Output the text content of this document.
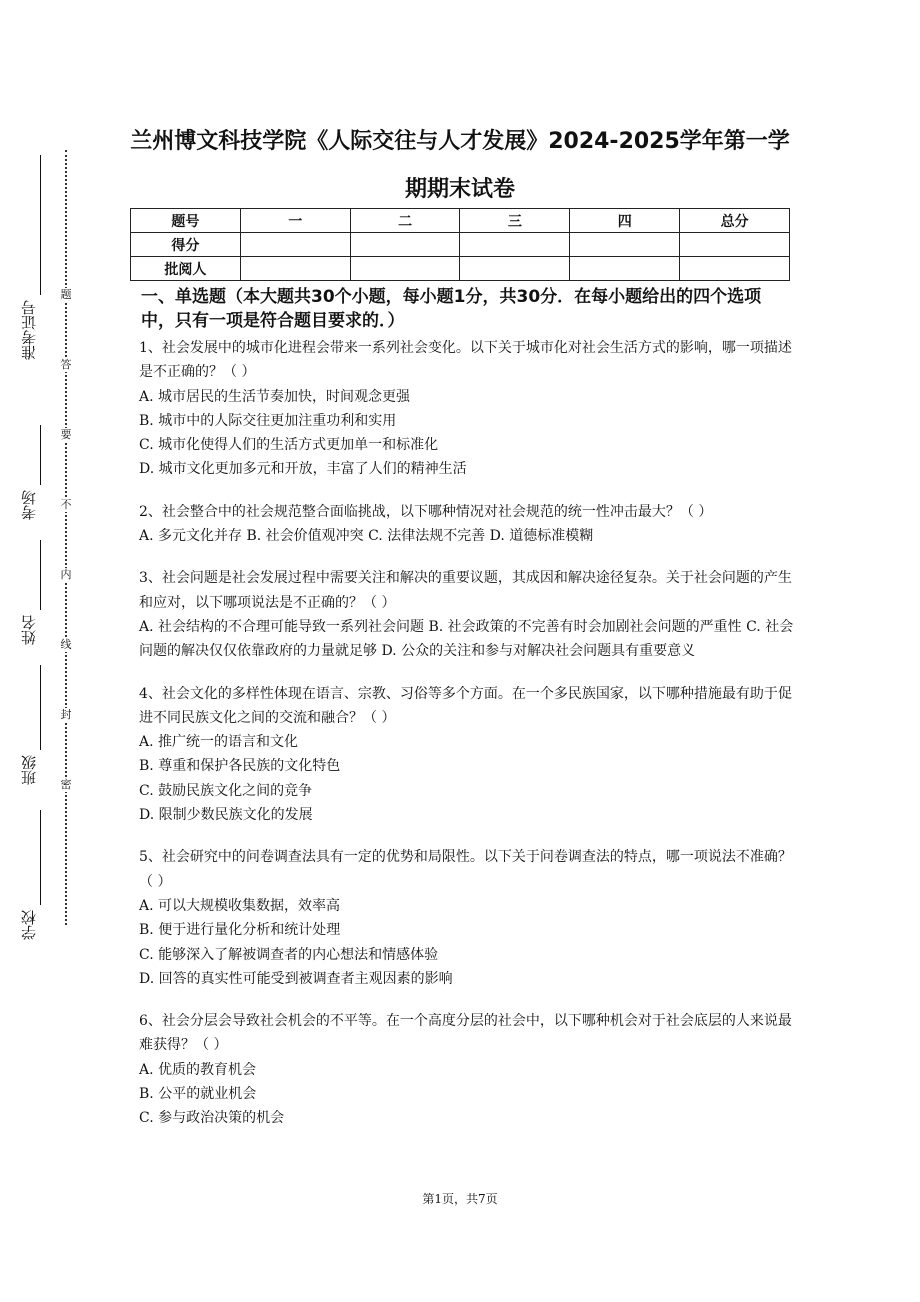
准考证号
考场
姓名
班级
学校
题
答
要
不
内
线
封
密
兰州博文科技学院《人际交往与人才发展》2024-2025学年第一学
期期末试卷
题号	一	二	三	四	总分
得分					
批阅人					
一、单选题（本大题共30个小题，每小题1分，共30分．在每小题给出的四个选项中，只有一项是符合题目要求的．）

1、社会发展中的城市化进程会带来一系列社会变化。以下关于城市化对社会生活方式的影响，哪一项描述是不正确的？（ ）

A. 城市居民的生活节奏加快，时间观念更强

B. 城市中的人际交往更加注重功利和实用

C. 城市化使得人们的生活方式更加单一和标准化

D. 城市文化更加多元和开放，丰富了人们的精神生活

2、社会整合中的社会规范整合面临挑战，以下哪种情况对社会规范的统一性冲击最大？（ ）

A. 多元文化并存 B. 社会价值观冲突 C. 法律法规不完善 D. 道德标准模糊

3、社会问题是社会发展过程中需要关注和解决的重要议题，其成因和解决途径复杂。关于社会问题的产生和应对，以下哪项说法是不正确的？（ ）

A. 社会结构的不合理可能导致一系列社会问题 B. 社会政策的不完善有时会加剧社会问题的严重性 C. 社会问题的解决仅仅依靠政府的力量就足够 D. 公众的关注和参与对解决社会问题具有重要意义

4、社会文化的多样性体现在语言、宗教、习俗等多个方面。在一个多民族国家，以下哪种措施最有助于促进不同民族文化之间的交流和融合？（ ）

A. 推广统一的语言和文化

B. 尊重和保护各民族的文化特色

C. 鼓励民族文化之间的竞争

D. 限制少数民族文化的发展

5、社会研究中的问卷调查法具有一定的优势和局限性。以下关于问卷调查法的特点，哪一项说法不准确？（ ）

A. 可以大规模收集数据，效率高

B. 便于进行量化分析和统计处理

C. 能够深入了解被调查者的内心想法和情感体验

D. 回答的真实性可能受到被调查者主观因素的影响

6、社会分层会导致社会机会的不平等。在一个高度分层的社会中，以下哪种机会对于社会底层的人来说最难获得？（ ）

A. 优质的教育机会

B. 公平的就业机会

C. 参与政治决策的机会

第1页，共7页
